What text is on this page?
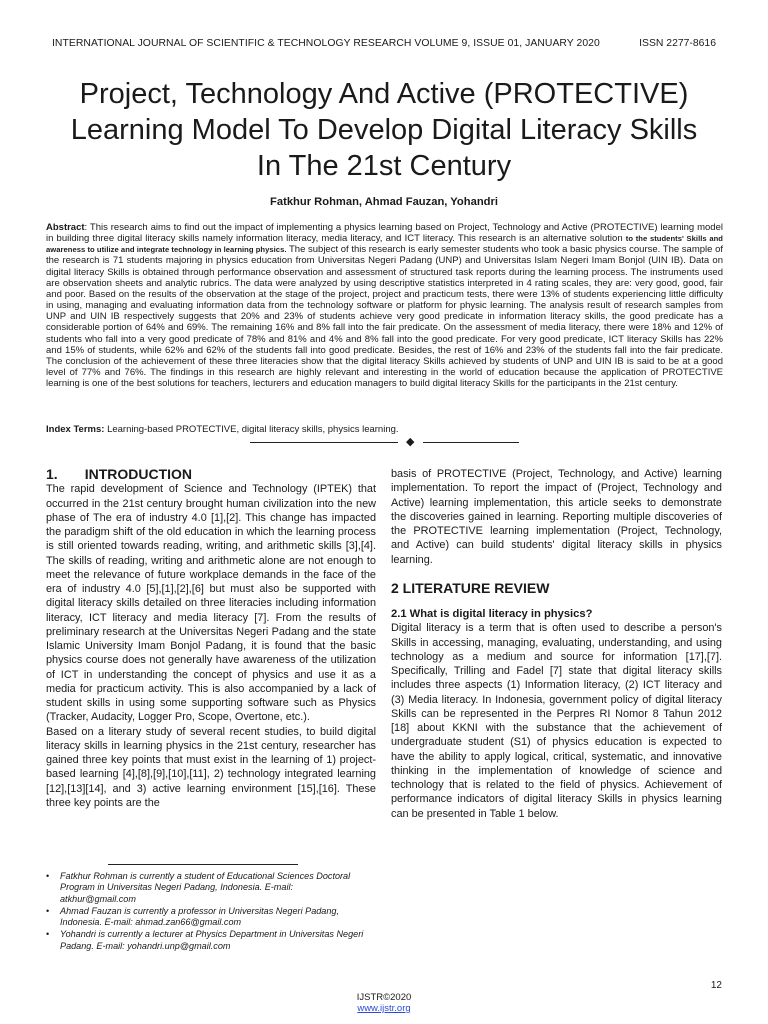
INTERNATIONAL JOURNAL OF SCIENTIFIC & TECHNOLOGY RESEARCH VOLUME 9, ISSUE 01, JANUARY 2020	ISSN 2277-8616
Project, Technology And Active (PROTECTIVE)
Learning Model To Develop Digital Literacy Skills
In The 21st Century
Fatkhur Rohman, Ahmad Fauzan, Yohandri
Abstract: This research aims to find out the impact of implementing a physics learning based on Project, Technology and Active (PROTECTIVE) learning model in building three digital literacy skills namely information literacy, media literacy, and ICT literacy. This research is an alternative solution to the students' Skills and awareness to utilize and integrate technology in learning physics. The subject of this research is early semester students who took a basic physics course. The sample of the research is 71 students majoring in physics education from Universitas Negeri Padang (UNP) and Universitas Islam Negeri Imam Bonjol (UIN IB). Data on digital literacy Skills is obtained through performance observation and assessment of structured task reports during the learning process. The instruments used are observation sheets and analytic rubrics. The data were analyzed by using descriptive statistics interpreted in 4 rating scales, they are: very good, good, fair and poor. Based on the results of the observation at the stage of the project, project and practicum tests, there were 13% of students experiencing little difficulty in using, managing and evaluating information data from the technology software or platform for physic learning. The analysis result of research samples from UNP and UIN IB respectively suggests that 20% and 23% of students achieve very good predicate in information literacy skills, the good predicate has a considerable portion of 64% and 69%. The remaining 16% and 8% fall into the fair predicate. On the assessment of media literacy, there were 18% and 12% of students who fall into a very good predicate of 78% and 81% and 4% and 8% fall into the good predicate. For very good predicate, ICT literacy Skills has 22% and 15% of students, while 62% and 62% of the students fall into good predicate. Besides, the rest of 16% and 23% of the students fall into the fair predicate. The conclusion of the achievement of these three literacies show that the digital literacy Skills achieved by students of UNP and UIN IB is said to be at a good level of 77% and 76%. The findings in this research are highly relevant and interesting in the world of education because the application of PROTECTIVE learning is one of the best solutions for teachers, lecturers and education managers to build digital literacy Skills for the participants in the 21st century.
Index Terms: Learning-based PROTECTIVE, digital literacy skills, physics learning.
◆
1. INTRODUCTION

The rapid development of Science and Technology (IPTEK) that occurred in the 21st century brought human civilization into the new phase of The era of industry 4.0 [1],[2]. This change has impacted the paradigm shift of the old education in which the learning process is still oriented towards reading, writing, and arithmetic skills [3],[4]. The skills of reading, writing and arithmetic alone are not enough to meet the relevance of future workplace demands in the face of the era of industry 4.0 [5],[1],[2],[6] but must also be supported with digital literacy skills detailed on three literacies including information literacy, ICT literacy and media literacy [7]. From the results of preliminary research at the Universitas Negeri Padang and the state Islamic University Imam Bonjol Padang, it is found that the basic physics course does not generally have awareness of the utilization of ICT in understanding the concept of physics and use it as a media for practicum activity. This is also accompanied by a lack of student skills in using some supporting software such as Physics (Tracker, Audacity, Logger Pro, Scope, Overtone, etc.).

Based on a literary study of several recent studies, to build digital literacy skills in learning physics in the 21st century, researcher has gained three key points that must exist in the learning of 1) project-based learning [4],[8],[9],[10],[11], 2) technology integrated learning [12],[13][14], and 3) active learning environment [15],[16]. These three key points are the

basis of PROTECTIVE (Project, Technology, and Active) learning implementation. To report the impact of (Project, Technology and Active) learning implementation, this article seeks to demonstrate the discoveries gained in learning. Reporting multiple discoveries of the PROTECTIVE learning implementation (Project, Technology, and Active) can build students' digital literacy skills in physics learning.

2 LITERATURE REVIEW
2.1 What is digital literacy in physics?

Digital literacy is a term that is often used to describe a person's Skills in accessing, managing, evaluating, understanding, and using technology as a medium and source for information [17],[7]. Specifically, Trilling and Fadel [7] state that digital literacy skills includes three aspects (1) Information literacy, (2) ICT literacy and (3) Media literacy. In Indonesia, government policy of digital literacy Skills can be represented in the Perpres RI Nomor 8 Tahun 2012 [18] about KKNI with the substance that the achievement of undergraduate student (S1) of physics education is expected to have the ability to apply logical, critical, systematic, and innovative thinking in the implementation of knowledge of science and technology that is related to the field of physics. Achievement of performance indicators of digital literacy Skills in physics learning can be presented in Table 1 below.

• Fatkhur Rohman is currently a student of Educational Sciences Doctoral Program in Universitas Negeri Padang, Indonesia. E-mail: atkhur@gmail.com
• Ahmad Fauzan is currently a professor in Universitas Negeri Padang, Indonesia. E-mail: ahmad.zan66@gmail.com
• Yohandri is currently a lecturer at Physics Department in Universitas Negeri Padang. E-mail: yohandri.unp@gmail.com
12
IJSTR©2020
www.ijstr.org
